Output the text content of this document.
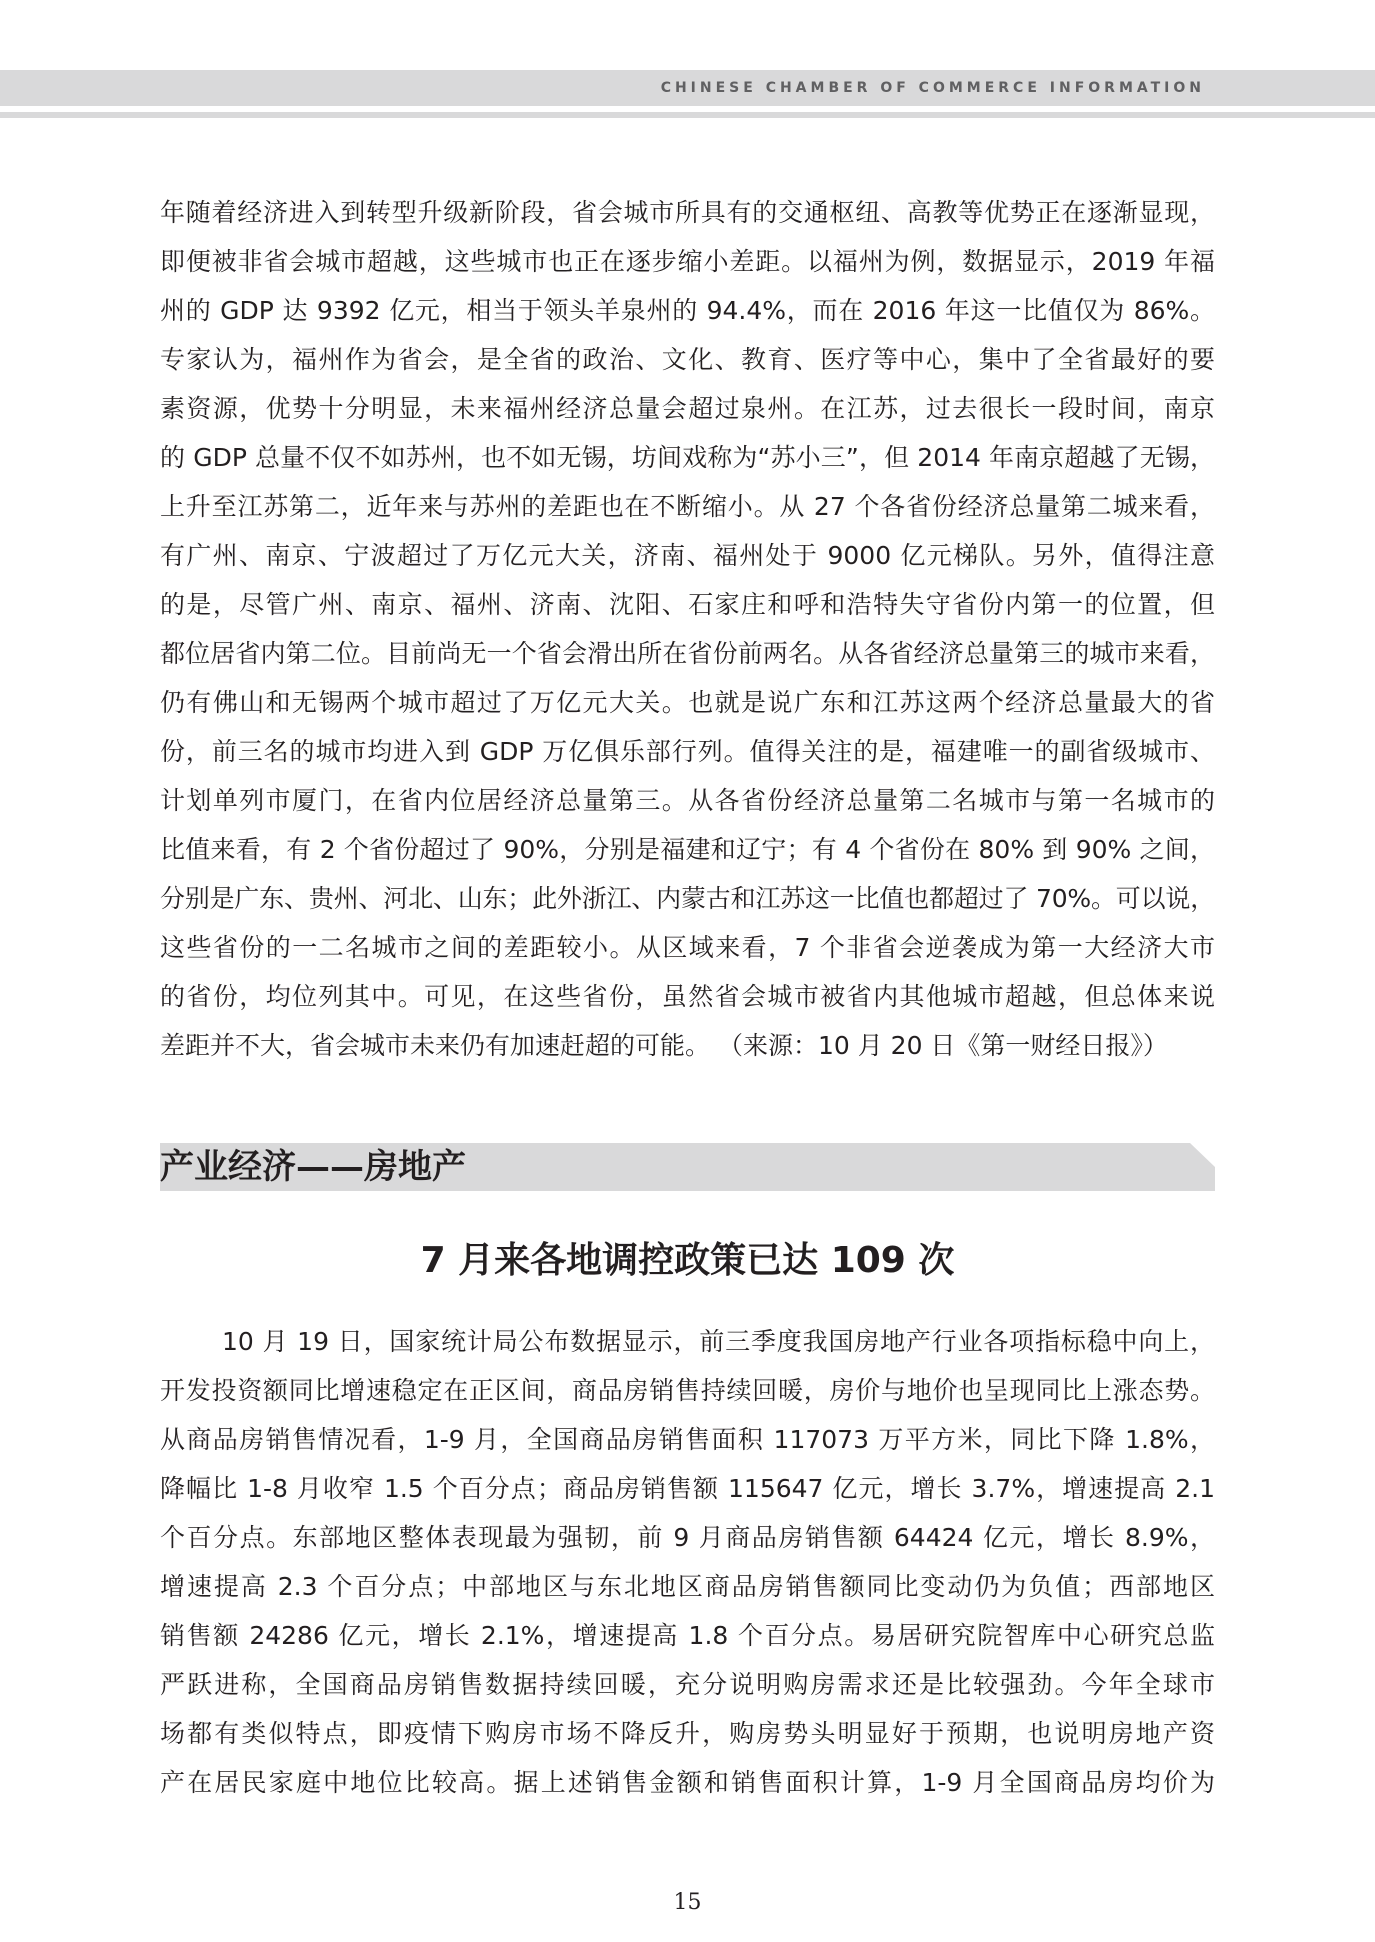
CHINESE CHAMBER OF COMMERCE INFORMATION
年随着经济进入到转型升级新阶段，省会城市所具有的交通枢纽、高教等优势正在逐渐显现，
即便被非省会城市超越，这些城市也正在逐步缩小差距。以福州为例，数据显示，2019 年福
州的 GDP 达 9392 亿元，相当于领头羊泉州的 94.4%，而在 2016 年这一比值仅为 86%。
专家认为，福州作为省会，是全省的政治、文化、教育、医疗等中心，集中了全省最好的要
素资源，优势十分明显，未来福州经济总量会超过泉州。在江苏，过去很长一段时间，南京
的 GDP 总量不仅不如苏州，也不如无锡，坊间戏称为“苏小三”，但 2014 年南京超越了无锡，
上升至江苏第二，近年来与苏州的差距也在不断缩小。从 27 个各省份经济总量第二城来看，
有广州、南京、宁波超过了万亿元大关，济南、福州处于 9000 亿元梯队。另外，值得注意
的是，尽管广州、南京、福州、济南、沈阳、石家庄和呼和浩特失守省份内第一的位置，但
都位居省内第二位。目前尚无一个省会滑出所在省份前两名。从各省经济总量第三的城市来看，
仍有佛山和无锡两个城市超过了万亿元大关。也就是说广东和江苏这两个经济总量最大的省
份，前三名的城市均进入到 GDP 万亿俱乐部行列。值得关注的是，福建唯一的副省级城市、
计划单列市厦门，在省内位居经济总量第三。从各省份经济总量第二名城市与第一名城市的
比值来看，有 2 个省份超过了 90%，分别是福建和辽宁；有 4 个省份在 80% 到 90% 之间，
分别是广东、贵州、河北、山东；此外浙江、内蒙古和江苏这一比值也都超过了 70%。可以说，
这些省份的一二名城市之间的差距较小。从区域来看，7 个非省会逆袭成为第一大经济大市
的省份，均位列其中。可见，在这些省份，虽然省会城市被省内其他城市超越，但总体来说
差距并不大，省会城市未来仍有加速赶超的可能。 （来源：10 月 20 日《第一财经日报》）
产业经济——房地产
7 月来各地调控政策已达 109 次
10 月 19 日，国家统计局公布数据显示，前三季度我国房地产行业各项指标稳中向上，
开发投资额同比增速稳定在正区间，商品房销售持续回暖，房价与地价也呈现同比上涨态势。
从商品房销售情况看，1-9 月，全国商品房销售面积 117073 万平方米，同比下降 1.8%，
降幅比 1-8 月收窄 1.5 个百分点；商品房销售额 115647 亿元，增长 3.7%，增速提高 2.1
个百分点。东部地区整体表现最为强韧，前 9 月商品房销售额 64424 亿元，增长 8.9%，
增速提高 2.3 个百分点；中部地区与东北地区商品房销售额同比变动仍为负值；西部地区
销售额 24286 亿元，增长 2.1%，增速提高 1.8 个百分点。易居研究院智库中心研究总监
严跃进称，全国商品房销售数据持续回暖，充分说明购房需求还是比较强劲。今年全球市
场都有类似特点，即疫情下购房市场不降反升，购房势头明显好于预期，也说明房地产资
产在居民家庭中地位比较高。据上述销售金额和销售面积计算，1-9 月全国商品房均价为
15
